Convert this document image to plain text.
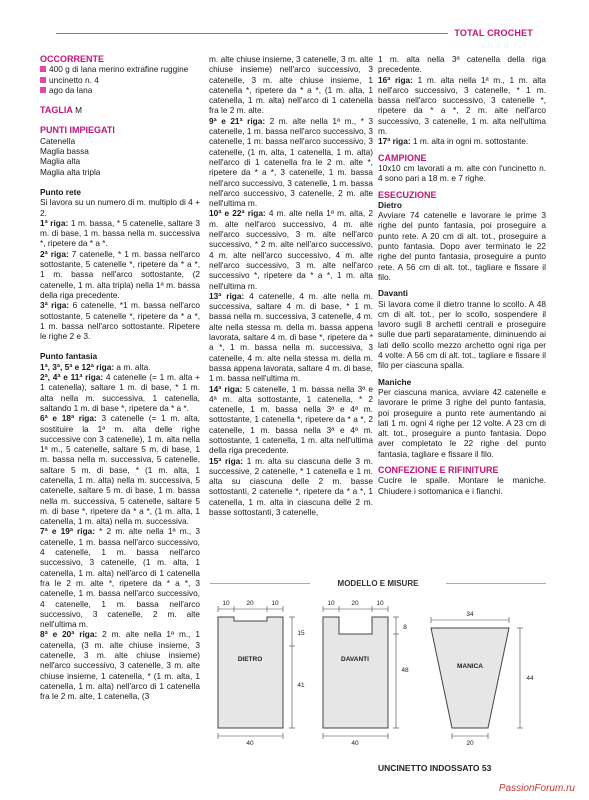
TOTAL CROCHET

OCCORRENTE

400 g di lana merino extrafine ruggine

uncinetto n. 4

ago da lana

TAGLIA M

PUNTI IMPIEGATI

Catenella

Maglia bassa

Maglia alta

Maglia alta tripla

Punto rete

Si lavora su un numero di m. multiplo di 4 + 2.

1ª riga: 1 m. bassa, * 5 catenelle, saltare 3 m. di base, 1 m. bassa nella m. successiva *, ripetere da * a *.

2ª riga: 7 catenelle, * 1 m. bassa nell'arco sottostante, 5 catenelle *, ripetere da * a *, 1 m. bassa nell'arco sottostante, (2 catenelle, 1 m. alta tripla) nella 1ª m. bassa della riga precedente.

3ª riga: 6 catenelle, *1 m. bassa nell'arco sottostante, 5 catenelle *, ripetere da * a *, 1 m. bassa nell'arco sottostante. Ripetere le righe 2 e 3.

Punto fantasia

1ª, 3ª, 5ª e 12ª riga: a m. alta.

2ª, 4ª e 11ª riga: 4 catenelle (= 1 m. alta + 1 catenella), saltare 1 m. di base, * 1 m. alta nella m. successiva, 1 catenella, saltando 1 m. di base *, ripetere da * a *.

6ª e 18ª riga: 3 catenelle (= 1 m. alta, sostituire la 1ª m. alta delle righe successive con 3 catenelle), 1 m. alta nella 1ª m., 5 catenelle, saltare 5 m. di base, 1 m. bassa nella m. successiva, 5 catenelle, saltare 5 m. di base, * (1 m. alta, 1 catenella, 1 m. alta) nella m. successiva, 5 catenelle, saltare 5 m. di base, 1 m. bassa nella m. successiva, 5 catenelle, saltare 5 m. di base *, ripetere da * a *, (1 m. alta, 1 catenella, 1 m. alta) nella m. successiva.

7ª e 19ª riga: * 2 m. alte nella 1ª m., 3 catenelle, 1 m. bassa nell'arco successivo, 4 catenelle, 1 m. bassa nell'arco successivo, 3 catenelle, (1 m. alta, 1 catenella, 1 m. alta) nell'arco di 1 catenella fra le 2 m. alte *, ripetere da * a *, 3 catenelle, 1 m. bassa nell'arco successivo, 4 catenelle, 1 m. bassa nell'arco successivo, 3 catenelle, 2 m. alte nell'ultima m.

8ª e 20ª riga: 2 m. alte nella 1ª m., 1 catenella, (3 m. alte chiuse insieme, 3 catenelle, 3 m. alte chiuse insieme) nell'arco successivo, 3 catenelle, 3 m. alte chiuse insieme, 1 catenella, * (1 m. alta, 1 catenella, 1 m. alta) nell'arco di 1 catenella fra le 2 m. alte, 1 catenella, (3

m. alte chiuse insieme, 3 catenelle, 3 m. alte chiuse insieme) nell'arco successivo, 3 catenelle, 3 m. alte chiuse insieme, 1 catenella *, ripetere da * a *, (1 m. alta, 1 catenella, 1 m. alta) nell'arco di 1 catenella fra le 2 m. alte.

9ª e 21ª riga: 2 m. alte nella 1ª m., * 3 catenelle, 1 m. bassa nell'arco successivo, 3 catenelle, 1 m. bassa nell'arco successivo, 3 catenelle, (1 m. alta, 1 catenella, 1 m. alta) nell'arco di 1 catenella fra le 2 m. alte *, ripetere da * a *, 3 catenelle, 1 m. bassa nell'arco successivo, 3 catenelle, 1 m. bassa nell'arco successivo, 3 catenelle, 2 m. alte nell'ultima m.

10ª e 22ª riga: 4 m. alte nella 1ª m. alta, 2 m. alte nell'arco successivo, 4 m. alte nell'arco successivo, 3 m. alte nell'arco successivo, * 2 m. alte nell'arco successivo, 4 m. alte nell'arco successivo, 4 m. alte nell'arco successivo, 3 m. alte nell'arco successivo *, ripetere da * a *, 1 m. alta nell'ultima m.

13ª riga: 4 catenelle, 4 m. alte nella m. successiva, saltare 4 m. di base, * 1 m. bassa nella m. successiva, 3 catenelle, 4 m. alte nella stessa m. della m. bassa appena lavorata, saltare 4 m. di base *, ripetere da * a *, 1 m. bassa nella m. successiva, 3 catenelle, 4 m. alte nella stessa m. della m. bassa appena lavorata, saltare 4 m. di base, 1 m. bassa nell'ultima m.

14ª riga: 5 catenelle, 1 m. bassa nella 3ª e 4ª m. alta sottostante, 1 catenella, * 2 catenelle, 1 m. bassa nella 3ª e 4ª m. sottostante, 1 catenella *, ripetere da * a *, 2 catenelle, 1 m. bassa nella 3ª e 4ª m. sottostante, 1 catenella, 1 m. alta nell'ultima della riga precedente.

15ª riga: 1 m. alta su ciascuna delle 3 m. successive, 2 catenelle, * 1 catenella e 1 m. alta su ciascuna delle 2 m. basse sottostanti, 2 catenelle *, ripetere da * a *, 1 catenella, 1 m. alta in ciascuna delle 2 m. basse sottostanti, 3 catenelle,

1 m. alta nella 3ª catenella della riga precedente.

16ª riga: 1 m. alta nella 1ª m., 1 m. alta nell'arco successivo, 3 catenelle, * 1 m. bassa nell'arco successivo, 3 catenelle *, ripetere da * a *, 2 m. alte nell'arco successivo, 3 catenelle, 1 m. alta nell'ultima m.

17ª riga: 1 m. alta in ogni m. sottostante.

CAMPIONE

10x10 cm lavorati a m. alte con l'uncinetto n. 4 sono pari a 18 m. e 7 righe.

ESECUZIONE

Dietro

Avviare 74 catenelle e lavorare le prime 3 righe del punto fantasia, poi proseguire a punto rete. A 20 cm di alt. tot., proseguire a punto fantasia. Dopo aver terminato le 22 righe del punto fantasia, proseguire a punto rete. A 56 cm di alt. tot., tagliare e fissare il filo.

Davanti

Si lavora come il dietro tranne lo scollo. A 48 cm di alt. tot., per lo scollo, sospendere il lavoro sugli 8 archetti centrali e proseguire sulle due parti separatamente, diminuendo ai lati dello scollo mezzo archetto ogni riga per 4 volte. A 56 cm di alt. tot., tagliare e fissare il filo per ciascuna spalla.

Maniche

Per ciascuna manica, avviare 42 catenelle e lavorare le prime 3 righe del punto fantasia, poi proseguire a punto rete aumentando ai lati 1 m. ogni 4 righe per 12 volte. A 23 cm di alt. tot., proseguire a punto fantasia. Dopo aver completato le 22 righe del punto fantasia, tagliare e fissare il filo.

CONFEZIONE E RIFINITURE

Cucire le spalle. Montare le maniche. Chiudere i sottomanica e i fianchi.

MODELLO E MISURE
10	20	10
15
41
40
DIETRO
10	20	10
8
48
40
DAVANTI
34
44
20
MANICA
UNCINETTO INDOSSATO 53
PassionForum.ru
